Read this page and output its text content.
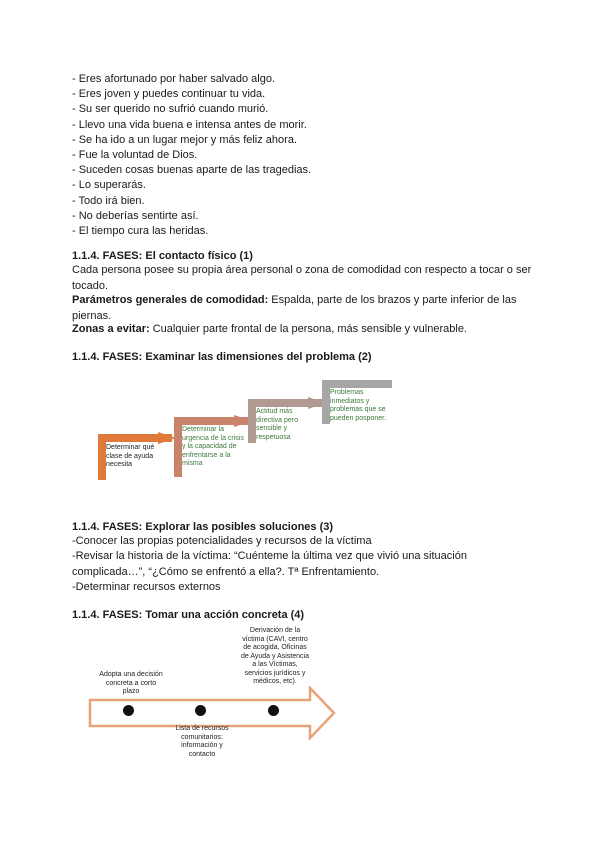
- Eres afortunado por haber salvado algo.
- Eres joven y puedes continuar tu vida.
- Su ser querido no sufrió cuando murió.
- Llevo una vida buena e intensa antes de morir.
- Se ha ido a un lugar mejor y más feliz ahora.
- Fue la voluntad de Dios.
- Suceden cosas buenas aparte de las tragedias.
- Lo superarás.
- Todo irá bien.
- No deberías sentirte así.
- El tiempo cura las heridas.
1.1.4. FASES: El contacto físico (1)
Cada persona posee su propia área personal o zona de comodidad con respecto a tocar o ser tocado.
Parámetros generales de comodidad: Espalda, parte de los brazos y parte inferior de las piernas.
Zonas a evitar: Cualquier parte frontal de la persona, más sensible y vulnerable.
1.1.4. FASES: Examinar las dimensiones del problema (2)
Determinar qué clase de ayuda necesita
Determinar la urgencia de la crisis y la capacidad de enfrentarse a la misma
Actitud más directiva pero sensible y respetuosa
Problemas inmediatos y problemas que se pueden posponer.
1.1.4. FASES: Explorar las posibles soluciones (3)
-Conocer las propias potencialidades y recursos de la víctima
-Revisar la historia de la víctima: “Cuénteme la última vez que vivió una situación complicada…”, “¿Cómo se enfrentó a ella?. Tª Enfrentamiento.
-Determinar recursos externos
1.1.4. FASES: Tomar una acción concreta (4)
Adopta una decisión concreta a corto plazo
Derivación de la víctima (CAVI, centro de acogida, Oficinas de Ayuda y Asistencia a las Víctimas, servicios jurídicos y médicos, etc).
Lista de recursos comunitarios: información y contacto
